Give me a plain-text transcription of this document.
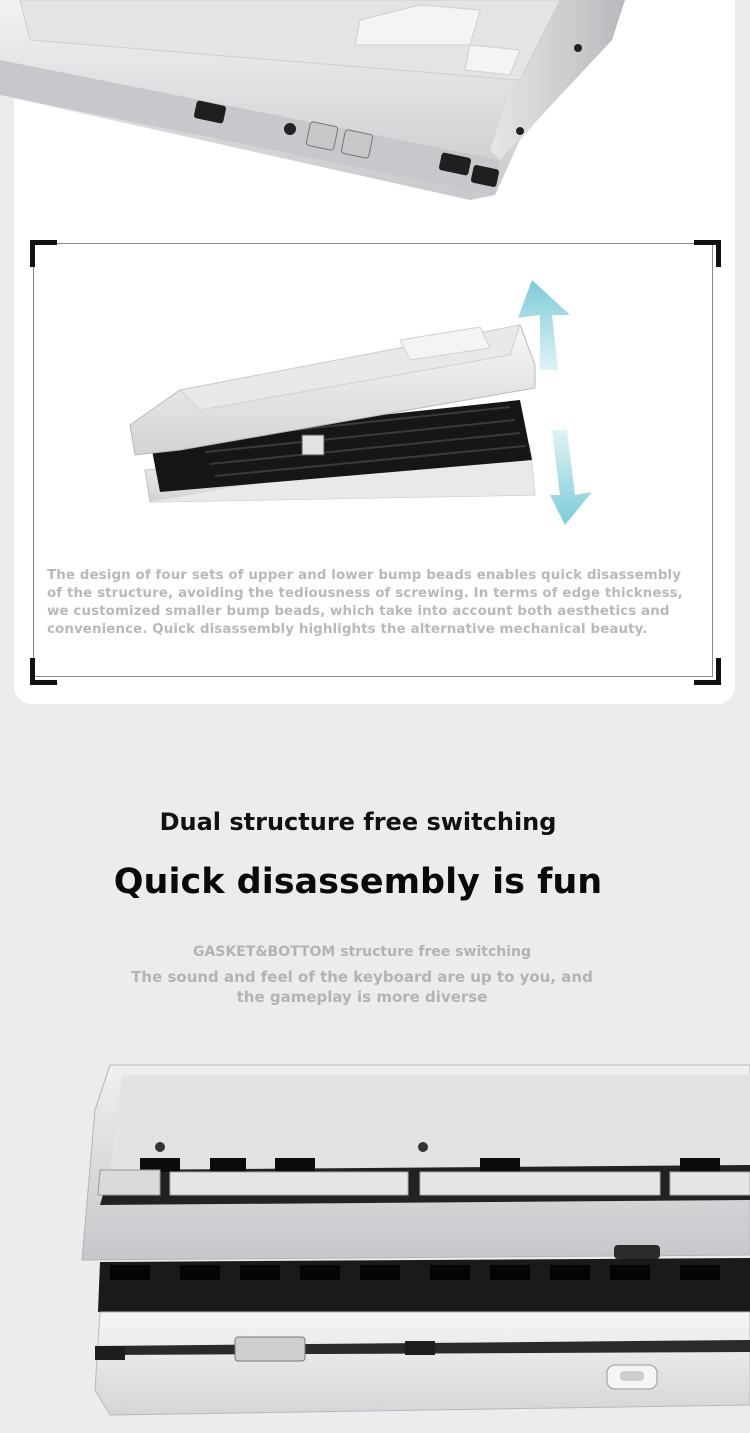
The design of four sets of upper and lower bump beads enables quick disassembly of the structure, avoiding the tediousness of screwing. In terms of edge thickness, we customized smaller bump beads, which take into account both aesthetics and convenience. Quick disassembly highlights the alternative mechanical beauty.
Dual structure free switching
Quick disassembly is fun
GASKET&BOTTOM structure free switching
The sound and feel of the keyboard are up to you, and the gameplay is more diverse
